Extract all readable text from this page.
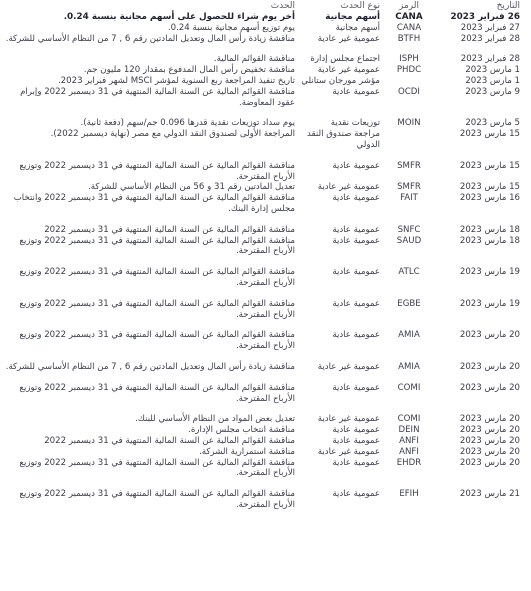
التاريخ	الرمز	نوع الحدث	الحدث
26 فبراير 2023	CANA	أسهم مجانية	أخر يوم شراء للحصول على أسهم مجانية بنسبة 0.24.
27 فبراير 2023	CANA	أسهم مجانية	يوم توزيع أسهم مجانية بنسبة 0.24.
28 فبراير 2023	BTFH	عمومية غير عادية	مناقشة زيادة رأس المال وتعديل المادتين رقم 6 , 7 من النظام الأساسي للشركة.
28 فبراير 2023	ISPH	اجتماع مجلس إدارة	مناقشة القوائم المالية.
1 مارس 2023	PHDC	عمومية غير عادية	مناقشة تخفيض رأس المال المدفوع بمقدار 120 مليون جم.
1 مارس 2023		مؤشر مورجان ستانلي	تاريخ تنفيذ المراجعة ربع السنوية لمؤشر MSCI لشهر فبراير 2023.
9 مارس 2023	OCDI	عمومية عادية	مناقشة القوائم المالية عن السنة المالية المنتهية في 31 ديسمبر 2022 وإبرام عقود المعاوضة.
5 مارس 2023	MOIN	توزيعات نقدية	يوم سداد توزيعات نقدية قدرها 0.096 جم/سهم (دفعة ثانية).
15 مارس 2023		مراجعة صندوق النقد الدولي	المراجعة الأولى لصندوق النقد الدولي مع مصر (نهاية ديسمبر 2022).
15 مارس 2023	SMFR	عمومية عادية	مناقشة القوائم المالية عن السنة المالية المنتهية في 31 ديسمبر 2022 وتوزيع الأرباح المقترحة.
15 مارس 2023	SMFR	عمومية غير عادية	تعديل المادتين رقم 31 و 56 من النظام الأساسي للشركة.
16 مارس 2023	FAIT	عمومية عادية	مناقشة القوائم المالية عن السنة المالية المنتهية في 31 ديسمبر 2022 وانتخاب مجلس إدارة البنك.
18 مارس 2023	SNFC	عمومية عادية	مناقشة القوائم المالية عن السنة المالية المنتهية في 31 ديسمبر 2022
18 مارس 2023	SAUD	عمومية عادية	مناقشة القوائم المالية عن السنة المالية المنتهية في 31 ديسمبر 2022 وتوزيع الأرباح المقترحة.
19 مارس 2023	ATLC	عمومية عادية	مناقشة القوائم المالية عن السنة المالية المنتهية في 31 ديسمبر 2022 وتوزيع الأرباح المقترحة.
19 مارس 2023	EGBE	عمومية عادية	مناقشة القوائم المالية عن السنة المالية المنتهية في 31 ديسمبر 2022 وتوزيع الأرباح المقترحة.
20 مارس 2023	AMIA	عمومية عادية	مناقشة القوائم المالية عن السنة المالية المنتهية في 31 ديسمبر 2022 وتوزيع الأرباح المقترحة.
20 مارس 2023	AMIA	عمومية غير عادية	مناقشة زيادة رأس المال وتعديل المادتين رقم 6 , 7 من النظام الأساسي للشركة.
20 مارس 2023	COMI	عمومية عادية	مناقشة القوائم المالية عن السنة المالية المنتهية في 31 ديسمبر 2022 وتوزيع الأرباح المقترحة.
20 مارس 2023	COMI	عمومية غير عادية	تعديل بعض المواد من النظام الأساسي للبنك.
20 مارس 2023	DEIN	عمومية عادية	مناقشة انتخاب مجلس الإدارة.
20 مارس 2023	ANFI	عمومية عادية	مناقشة القوائم المالية عن السنة المالية المنتهية في 31 ديسمبر 2022
20 مارس 2023	ANFI	عمومية غير عادية	مناقشة استمرارية الشركة.
20 مارس 2023	EHDR	عمومية عادية	مناقشة القوائم المالية عن السنة المالية المنتهية في 31 ديسمبر 2022 وتوزيع الأرباح المقترحة.
21 مارس 2023	EFIH	عمومية عادية	مناقشة القوائم المالية عن السنة المالية المنتهية في 31 ديسمبر 2022 وتوزيع الأرباح المقترحة.
